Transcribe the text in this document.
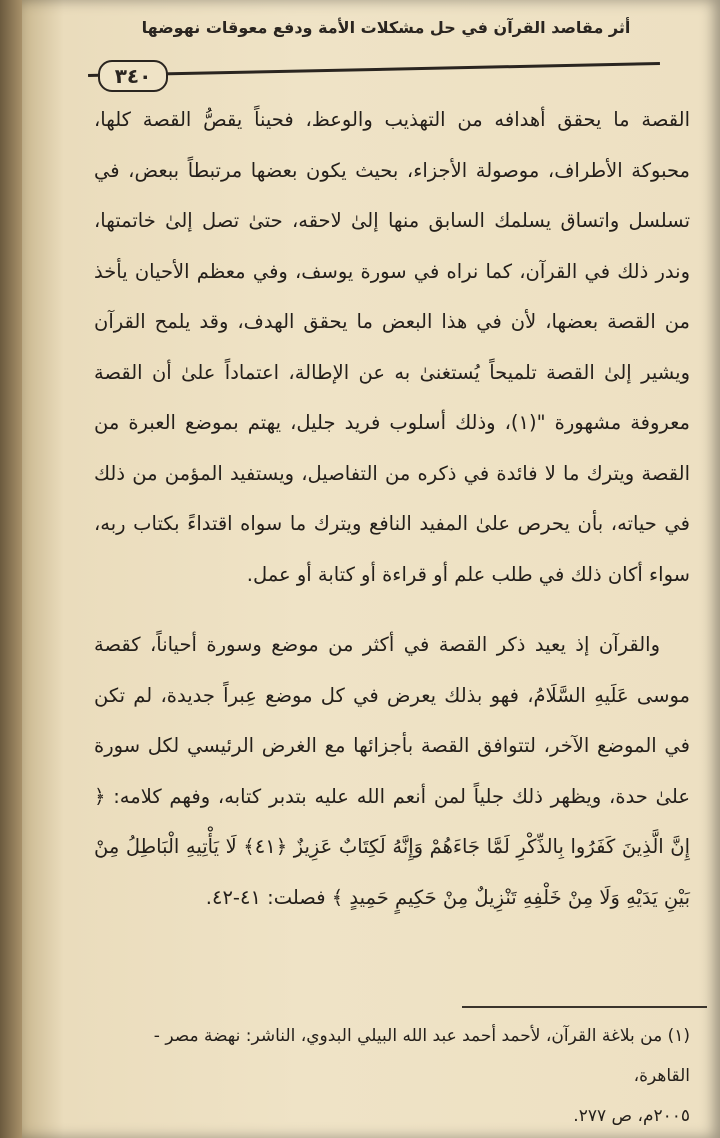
أثر مقاصد القرآن في حل مشكلات الأمة ودفع معوقات نهوضها
٣٤٠

القصة ما يحقق أهدافه من التهذيب والوعظ، فحيناً يقصُّ القصة كلها، محبوكة الأطراف، موصولة الأجزاء، بحيث يكون بعضها مرتبطاً ببعض، في تسلسل واتساق يسلمك السابق منها إلىٰ لاحقه، حتىٰ تصل إلىٰ خاتمتها، وندر ذلك في القرآن، كما نراه في سورة يوسف، وفي معظم الأحيان يأخذ من القصة بعضها، لأن في هذا البعض ما يحقق الهدف، وقد يلمح القرآن ويشير إلىٰ القصة تلميحاً يُستغنىٰ به عن الإطالة، اعتماداً علىٰ أن القصة معروفة مشهورة "(١)، وذلك أسلوب فريد جليل، يهتم بموضع العبرة من القصة ويترك ما لا فائدة في ذكره من التفاصيل، ويستفيد المؤمن من ذلك في حياته، بأن يحرص علىٰ المفيد النافع ويترك ما سواه اقتداءً بكتاب ربه، سواء أكان ذلك في طلب علم أو قراءة أو كتابة أو عمل.

والقرآن إذ يعيد ذكر القصة في أكثر من موضع وسورة أحياناً، كقصة موسى عَلَيهِ السَّلَامُ، فهو بذلك يعرض في كل موضع عِبراً جديدة، لم تكن في الموضع الآخر، لتتوافق القصة بأجزائها مع الغرض الرئيسي لكل سورة علىٰ حدة، ويظهر ذلك جلياً لمن أنعم الله عليه بتدبر كتابه، وفهم كلامه: ﴿ إِنَّ الَّذِينَ كَفَرُوا بِالذِّكْرِ لَمَّا جَاءَهُمْ وَإِنَّهُ لَكِتَابٌ عَزِيزٌ ﴿٤١﴾ لَا يَأْتِيهِ الْبَاطِلُ مِنْ بَيْنِ يَدَيْهِ وَلَا مِنْ خَلْفِهِ تَنْزِيلٌ مِنْ حَكِيمٍ حَمِيدٍ ﴾ فصلت: ٤١-٤٢.

(١) من بلاغة القرآن، لأحمد أحمد عبد الله البيلي البدوي، الناشر: نهضة مصر - القاهرة،

٢٠٠٥م، ص ٢٧٧.
